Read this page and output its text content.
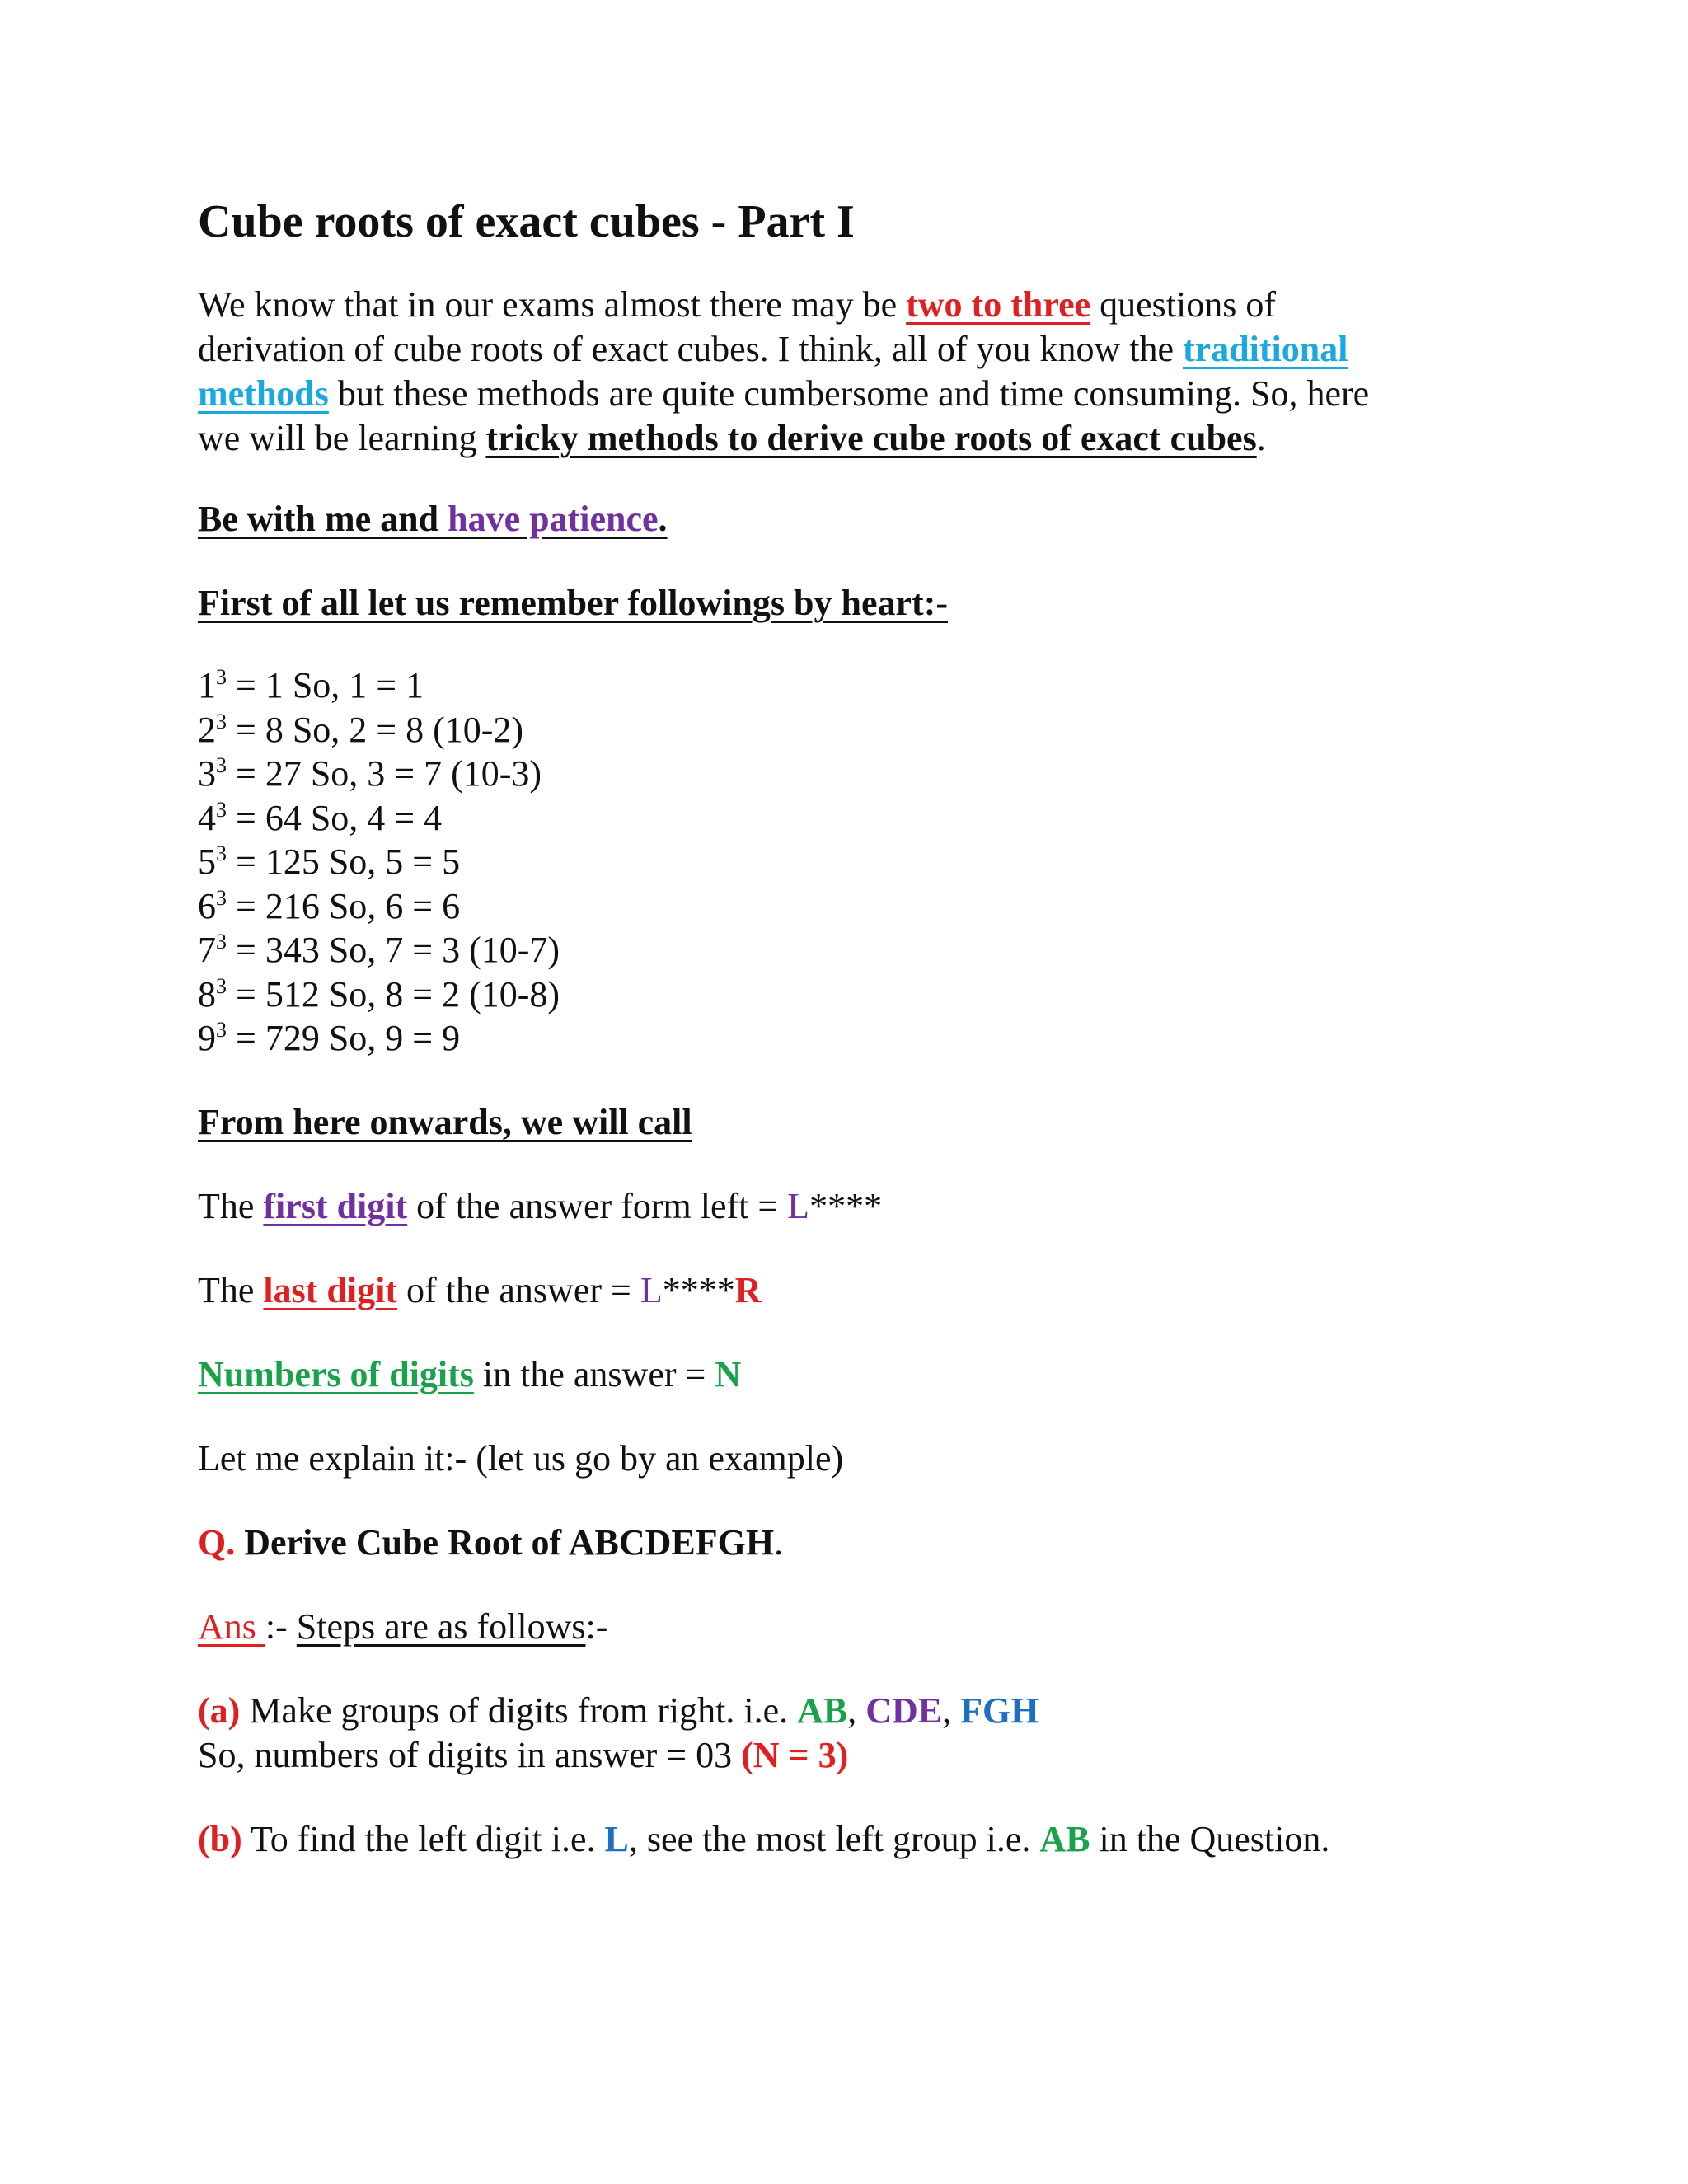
Cube roots of exact cubes - Part I

We know that in our exams almost there may be two to three questions of
derivation of cube roots of exact cubes. I think, all of you know the traditional
methods but these methods are quite cumbersome and time consuming. So, here
we will be learning tricky methods to derive cube roots of exact cubes.

Be with me and have patience.

First of all let us remember followings by heart:-

$1^3 = 1$ So, 1 = 1
$2^3 = 8$ So, 2 = 8 (10-2)
$3^3 = 27$ So, 3 = 7 (10-3)
$4^3 = 64$ So, 4 = 4
$5^3 = 125$ So, 5 = 5
$6^3 = 216$ So, 6 = 6
$7^3 = 343$ So, 7 = 3 (10-7)
$8^3 = 512$ So, 8 = 2 (10-8)
$9^3 = 729$ So, 9 = 9

From here onwards, we will call

The first digit of the answer form left = L****

The last digit of the answer = L****R

Numbers of digits in the answer = N

Let me explain it:- (let us go by an example)

Q. Derive Cube Root of ABCDEFGH.

Ans :- Steps are as follows:-

(a) Make groups of digits from right. i.e. AB, CDE, FGH
So, numbers of digits in answer = 03 (N = 3)

(b) To find the left digit i.e. L, see the most left group i.e. AB in the Question.
